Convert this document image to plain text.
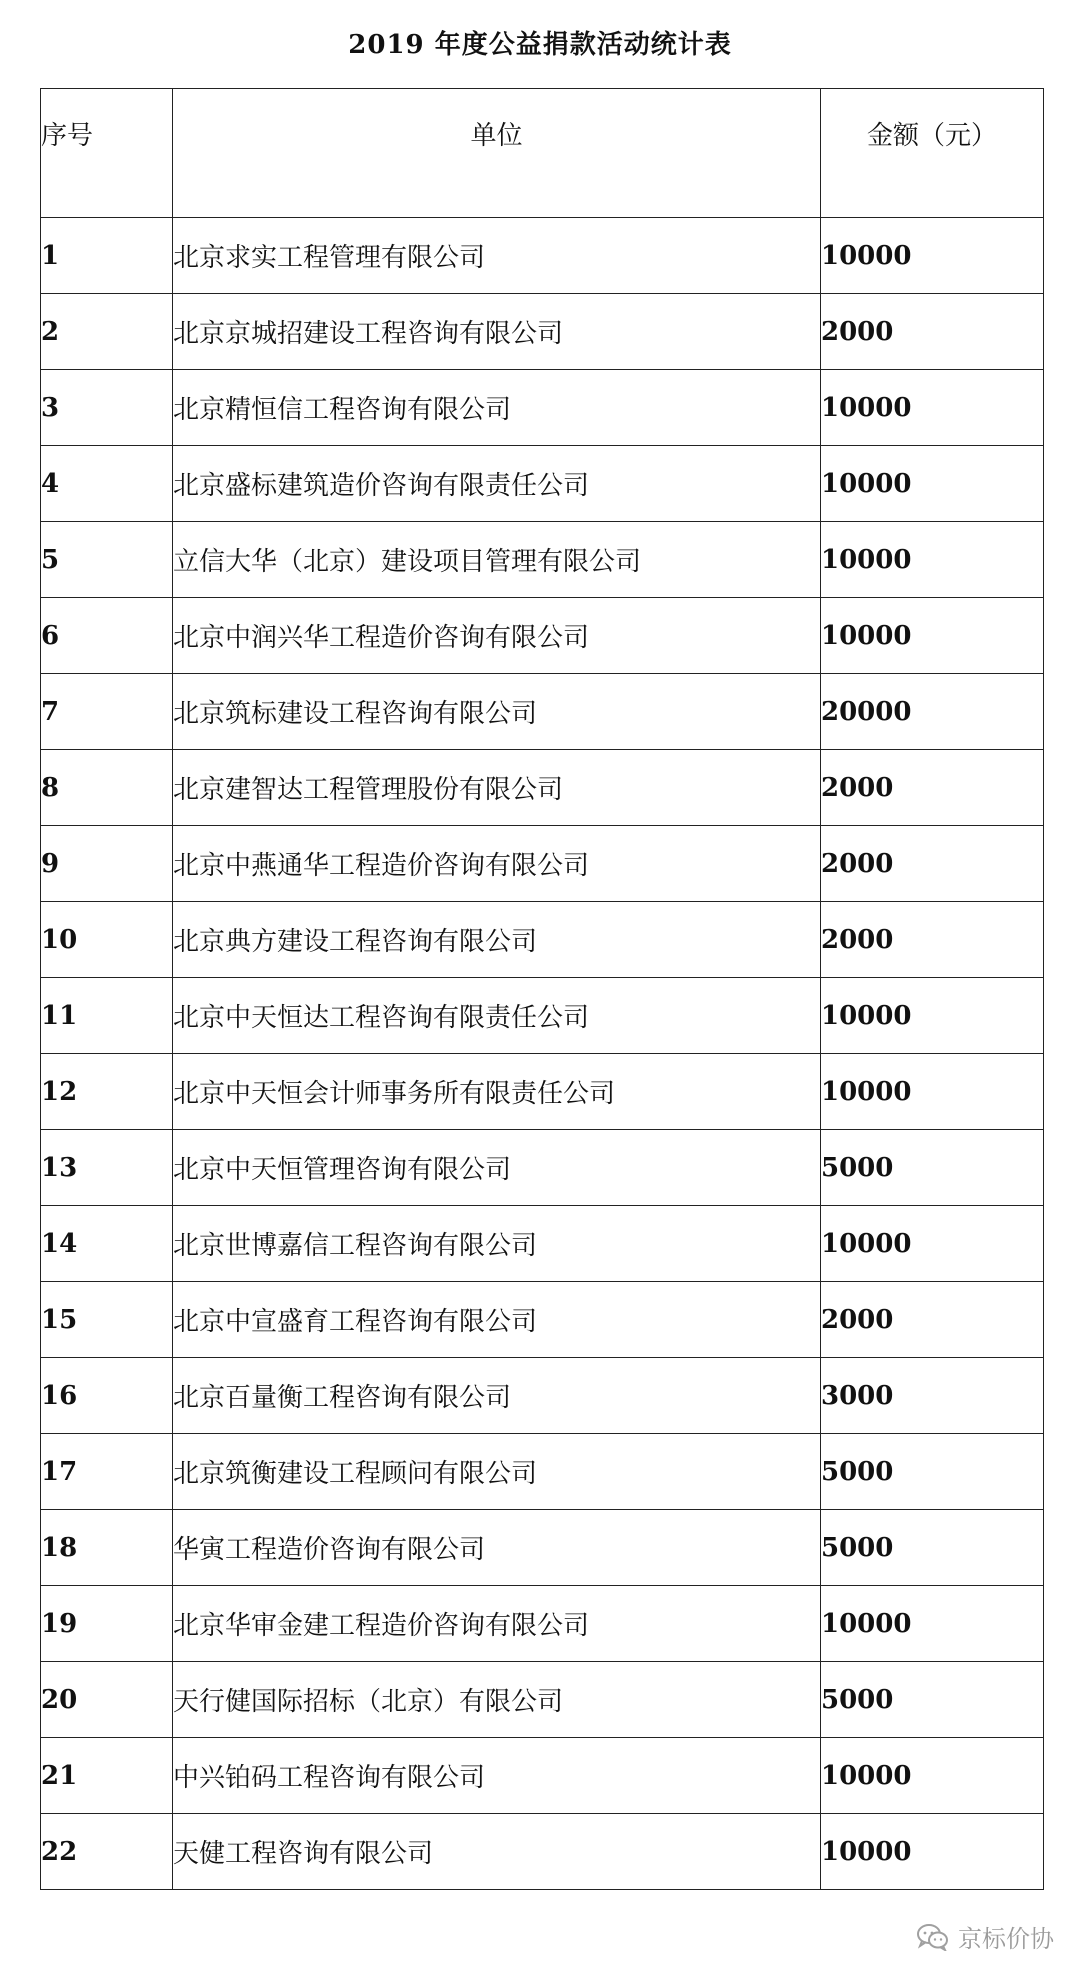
2019 年度公益捐款活动统计表
序号	单位	金额（元）
1	北京求实工程管理有限公司	10000
2	北京京城招建设工程咨询有限公司	2000
3	北京精恒信工程咨询有限公司	10000
4	北京盛标建筑造价咨询有限责任公司	10000
5	立信大华（北京）建设项目管理有限公司	10000
6	北京中润兴华工程造价咨询有限公司	10000
7	北京筑标建设工程咨询有限公司	20000
8	北京建智达工程管理股份有限公司	2000
9	北京中燕通华工程造价咨询有限公司	2000
10	北京典方建设工程咨询有限公司	2000
11	北京中天恒达工程咨询有限责任公司	10000
12	北京中天恒会计师事务所有限责任公司	10000
13	北京中天恒管理咨询有限公司	5000
14	北京世博嘉信工程咨询有限公司	10000
15	北京中宣盛育工程咨询有限公司	2000
16	北京百量衡工程咨询有限公司	3000
17	北京筑衡建设工程顾问有限公司	5000
18	华寅工程造价咨询有限公司	5000
19	北京华审金建工程造价咨询有限公司	10000
20	天行健国际招标（北京）有限公司	5000
21	中兴铂码工程咨询有限公司	10000
22	天健工程咨询有限公司	10000
京标价协
